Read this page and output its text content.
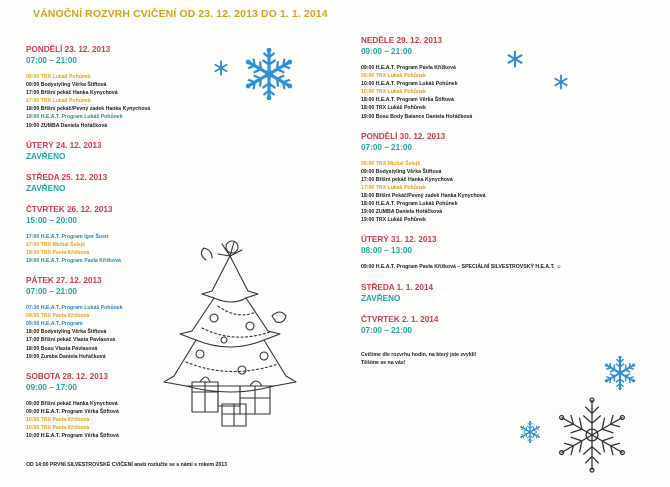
VÁNOČNÍ ROZVRH CVIČENÍ OD 23. 12. 2013 DO 1. 1. 2014
PONDĚLÍ 23. 12. 2013
07:00 – 21:00
09:00 TRX Lukáš Pohůnek
09:00 Bodystyling Věrka Štiftová
17:00 Břišní pekáč Hanka Kynychová
17:00 TRX Lukáš Pohůnek
18:00 Břišní pekáč/Pevný zadek Hanka Kynychová
18:00 H.E.A.T. Program Lukáš Pohůnek
19:00 ZUMBA Daniela Hořáčková
ÚTERÝ 24. 12. 2013
ZAVŘENO
STŘEDA 25. 12. 2013
ZAVŘENO
ČTVRTEK 26. 12. 2013
15:00 – 20:00
17:00 H.E.A.T. Program Igor Šustr
17:00 TRX Michal Šelejš
19:00 TRX Pavla Křížková
19:00 H.E.A.T. Program Pavla Křížková
PÁTEK 27. 12. 2013
07:00 – 21:00
07:30 H.E.A.T. Program Lukáš Pohůnek
09:00 TRX Pavla Křížková
09:00 H.E.A.T. Program
18:00 Bodystyling Věrka Štiftová
17:00 Břišní pekáč Vlasta Pavlasová
18:00 Bosu Vlasta Pavlasová
19:00 Zumba Daniela Hořáčková
SOBOTA 28. 12. 2013
09:00 – 17:00
09:00 Břišní pekáč Hanka Kynychová
09:00 H.E.A.T. Program Věrka Štiftová
10:00 TRX Pavla Křížková
10:00 TRX Pavla Křížková
10:00 H.E.A.T. Program Věrka Štiftová
NEDĚLE 29. 12. 2013
09:00 – 21:00
09:00 H.E.A.T. Program Pavla Křížková
09:00 TRX Lukáš Pohůnek
10:00 H.E.A.T. Program Lukáš Pohůnek
10:00 TRX Lukáš Pohůnek
18:00 H.E.A.T. Program Věrka Štiftová
18:00 TRX Lukáš Pohůnek
19:00 Bosu Body Balance Daniela Hořáčková
PONDĚLÍ 30. 12. 2013
07:00 – 21:00
09:00 TRX Michal Šelejš
09:00 Bodystyling Věrka Štiftová
17:00 Břišní pekáč Hanka Kynychová
17:00 TRX Lukáš Pohůnek
18:00 Břišní Pekáč/Pevný zadek Hanka Kynychová
18:00 H.E.A.T. Program Lukáš Pohůnek
19:00 ZUMBA Daniela Hořáčková
19:00 TRX Lukáš Pohůnek
ÚTERÝ 31. 12. 2013
08:00 – 13:00
09:00 H.E.A.T. Program Pavla Křížková – SPECIÁLNÍ SILVESTROVSKÝ H.E.A.T. ☺
STŘEDA 1. 1. 2014
ZAVŘENO
ČTVRTEK 2. 1. 2014
07:00 – 21:00
Cvičíme dle rozvrhu hodin, na který jste zvyklí!
Těšíme se na vás!
OD 14:00 PRVNÍ SILVESTROVSKÉ CVIČENÍ aneb rozlučte se s námi s rokem 2013
